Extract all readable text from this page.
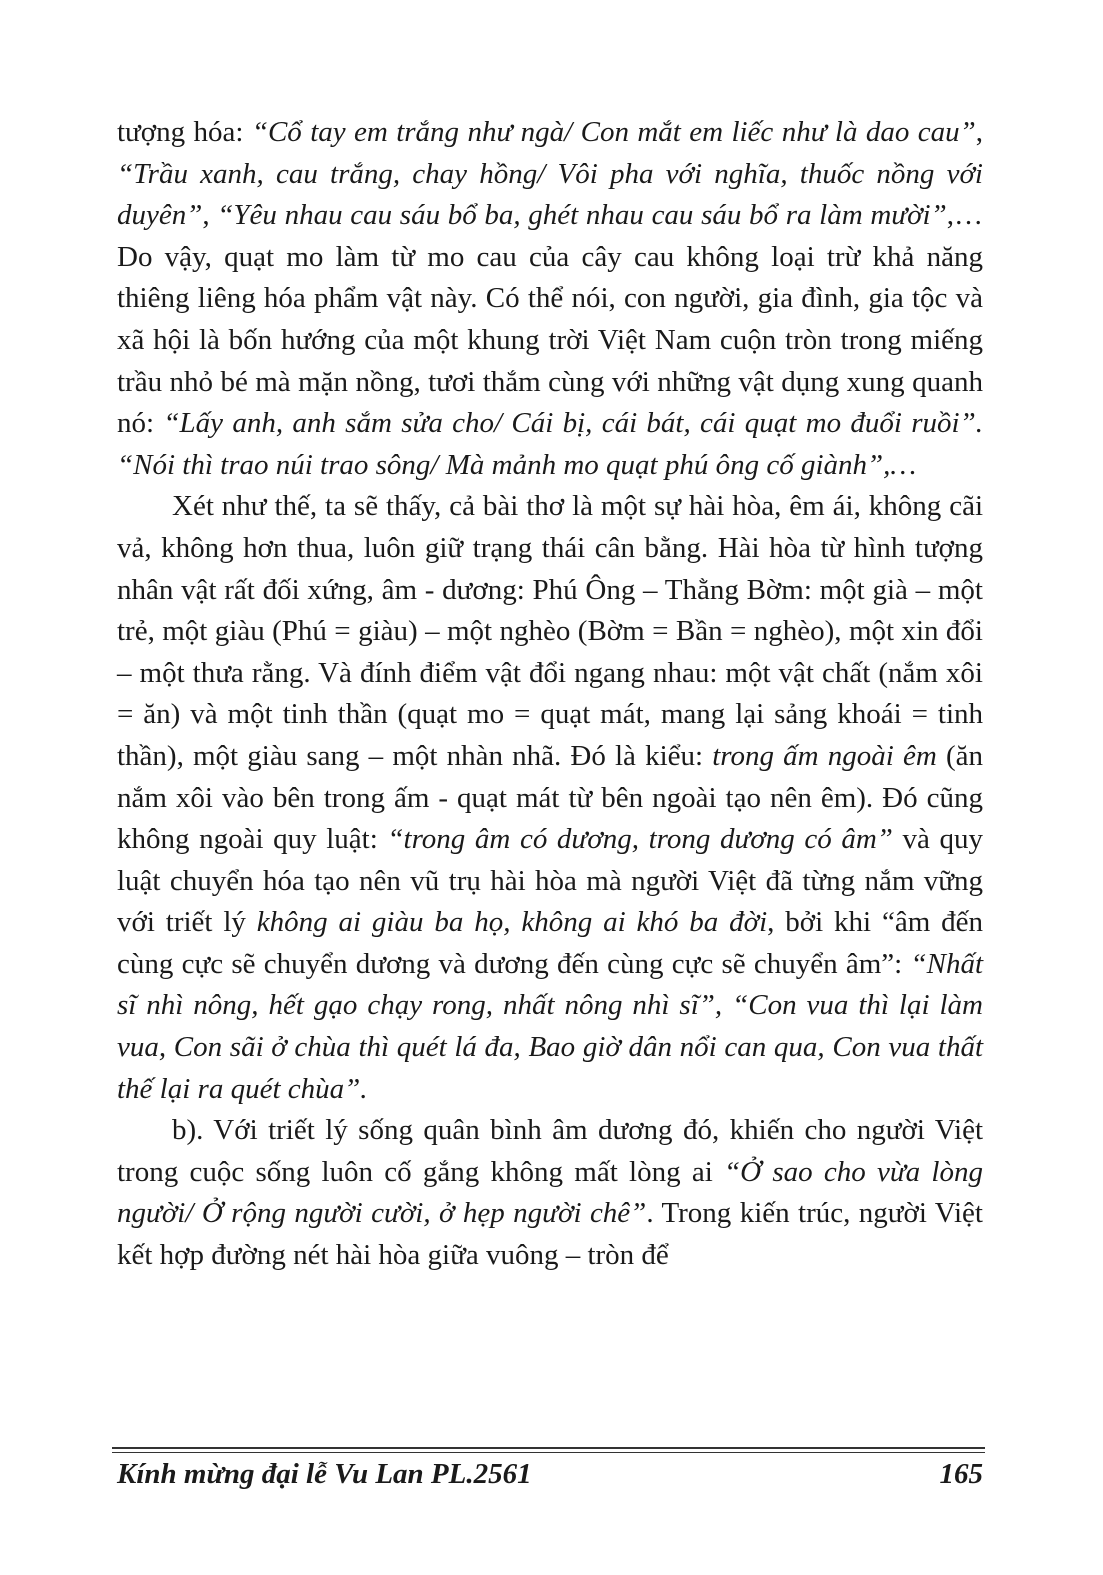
tượng hóa: “Cổ tay em trắng như ngà/ Con mắt em liếc như là dao cau”, “Trầu xanh, cau trắng, chay hồng/ Vôi pha với nghĩa, thuốc nồng với duyên”, “Yêu nhau cau sáu bổ ba, ghét nhau cau sáu bổ ra làm mười”,… Do vậy, quạt mo làm từ mo cau của cây cau không loại trừ khả năng thiêng liêng hóa phẩm vật này. Có thể nói, con người, gia đình, gia tộc và xã hội là bốn hướng của một khung trời Việt Nam cuộn tròn trong miếng trầu nhỏ bé mà mặn nồng, tươi thắm cùng với những vật dụng xung quanh nó: “Lấy anh, anh sắm sửa cho/ Cái bị, cái bát, cái quạt mo đuổi ruồi”. “Nói thì trao núi trao sông/ Mà mảnh mo quạt phú ông cố giành”,…

Xét như thế, ta sẽ thấy, cả bài thơ là một sự hài hòa, êm ái, không cãi vả, không hơn thua, luôn giữ trạng thái cân bằng. Hài hòa từ hình tượng nhân vật rất đối xứng, âm - dương: Phú Ông – Thằng Bờm: một già – một trẻ, một giàu (Phú = giàu) – một nghèo (Bờm = Bần = nghèo), một xin đổi – một thưa rằng. Và đính điểm vật đổi ngang nhau: một vật chất (nắm xôi = ăn) và một tinh thần (quạt mo = quạt mát, mang lại sảng khoái = tinh thần), một giàu sang – một nhàn nhã. Đó là kiểu: trong ấm ngoài êm (ăn nắm xôi vào bên trong ấm - quạt mát từ bên ngoài tạo nên êm). Đó cũng không ngoài quy luật: “trong âm có dương, trong dương có âm” và quy luật chuyển hóa tạo nên vũ trụ hài hòa mà người Việt đã từng nắm vững với triết lý không ai giàu ba họ, không ai khó ba đời, bởi khi “âm đến cùng cực sẽ chuyển dương và dương đến cùng cực sẽ chuyển âm”: “Nhất sĩ nhì nông, hết gạo chạy rong, nhất nông nhì sĩ”, “Con vua thì lại làm vua, Con sãi ở chùa thì quét lá đa, Bao giờ dân nổi can qua, Con vua thất thế lại ra quét chùa”.

b). Với triết lý sống quân bình âm dương đó, khiến cho người Việt trong cuộc sống luôn cố gắng không mất lòng ai “Ở sao cho vừa lòng người/ Ở rộng người cười, ở hẹp người chê”. Trong kiến trúc, người Việt kết hợp đường nét hài hòa giữa vuông – tròn để

Kính mừng đại lễ Vu Lan PL.2561	165
